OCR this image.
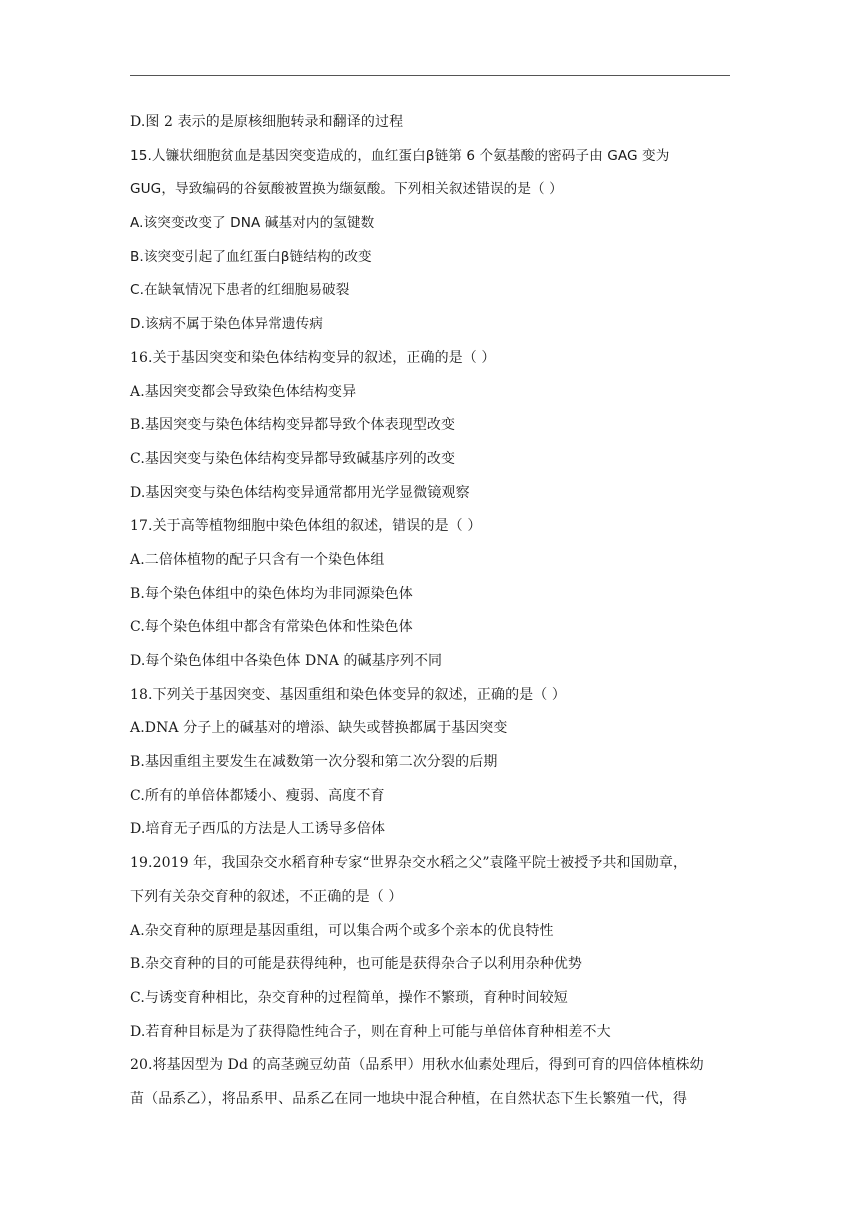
D.图 2 表示的是原核细胞转录和翻译的过程
15.人镰状细胞贫血是基因突变造成的，血红蛋白β链第 6 个氨基酸的密码子由 GAG 变为
GUG，导致编码的谷氨酸被置换为缬氨酸。下列相关叙述错误的是（ ）
A.该突变改变了 DNA 碱基对内的氢键数
B.该突变引起了血红蛋白β链结构的改变
C.在缺氧情况下患者的红细胞易破裂
D.该病不属于染色体异常遗传病
16.关于基因突变和染色体结构变异的叙述，正确的是（ ）
A.基因突变都会导致染色体结构变异
B.基因突变与染色体结构变异都导致个体表现型改变
C.基因突变与染色体结构变异都导致碱基序列的改变
D.基因突变与染色体结构变异通常都用光学显微镜观察
17.关于高等植物细胞中染色体组的叙述，错误的是（ ）
A.二倍体植物的配子只含有一个染色体组
B.每个染色体组中的染色体均为非同源染色体
C.每个染色体组中都含有常染色体和性染色体
D.每个染色体组中各染色体 DNA 的碱基序列不同
18.下列关于基因突变、基因重组和染色体变异的叙述，正确的是（ ）
A.DNA 分子上的碱基对的增添、缺失或替换都属于基因突变
B.基因重组主要发生在减数第一次分裂和第二次分裂的后期
C.所有的单倍体都矮小、瘦弱、高度不育
D.培育无子西瓜的方法是人工诱导多倍体
19.2019 年，我国杂交水稻育种专家“世界杂交水稻之父”袁隆平院士被授予共和国勋章，
下列有关杂交育种的叙述，不正确的是（ ）
A.杂交育种的原理是基因重组，可以集合两个或多个亲本的优良特性
B.杂交育种的目的可能是获得纯种，也可能是获得杂合子以利用杂种优势
C.与诱变育种相比，杂交育种的过程简单，操作不繁琐，育种时间较短
D.若育种目标是为了获得隐性纯合子，则在育种上可能与单倍体育种相差不大
20.将基因型为 Dd 的高茎豌豆幼苗（品系甲）用秋水仙素处理后，得到可育的四倍体植株幼
苗（品系乙），将品系甲、品系乙在同一地块中混合种植，在自然状态下生长繁殖一代，得
